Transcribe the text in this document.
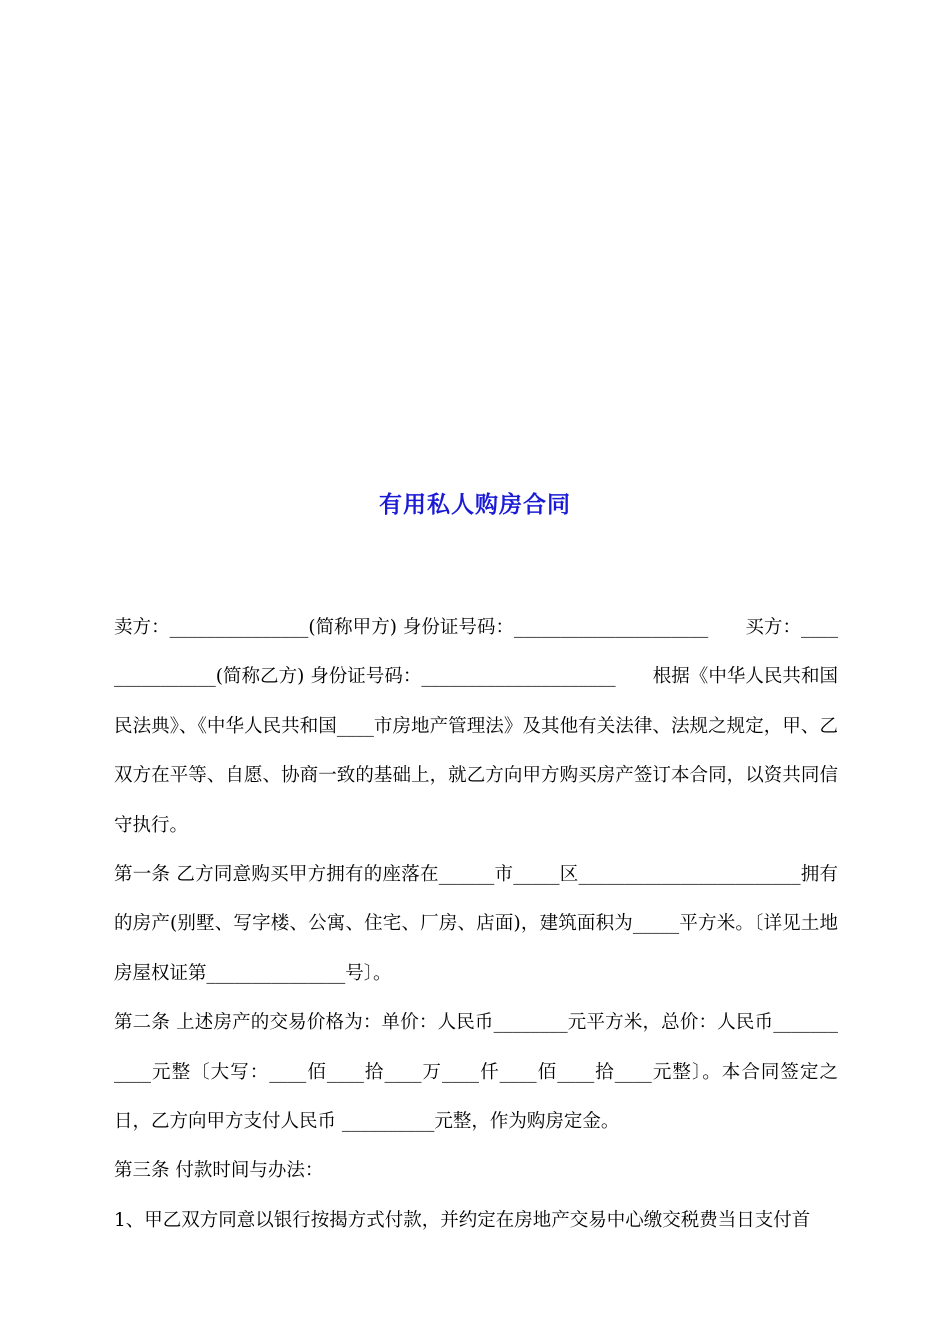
有用私人购房合同

卖方：_______________(简称甲方) 身份证号码：_____________________　　买方：_______________(简称乙方) 身份证号码：_____________________　　根据《中华人民共和国民法典》、《中华人民共和国____市房地产管理法》及其他有关法律、法规之规定，甲、乙双方在平等、自愿、协商一致的基础上，就乙方向甲方购买房产签订本合同，以资共同信守执行。

第一条 乙方同意购买甲方拥有的座落在______市_____区________________________拥有的房产(别墅、写字楼、公寓、住宅、厂房、店面)，建筑面积为_____平方米。〔详见土地房屋权证第_______________号〕。

第二条 上述房产的交易价格为：单价：人民币________元平方米，总价：人民币___________元整〔大写：____佰____拾____万____仟____佰____拾____元整〕。本合同签定之日，乙方向甲方支付人民币 __________元整，作为购房定金。

第三条 付款时间与办法：

1、甲乙双方同意以银行按揭方式付款，并约定在房地产交易中心缴交税费当日支付首
